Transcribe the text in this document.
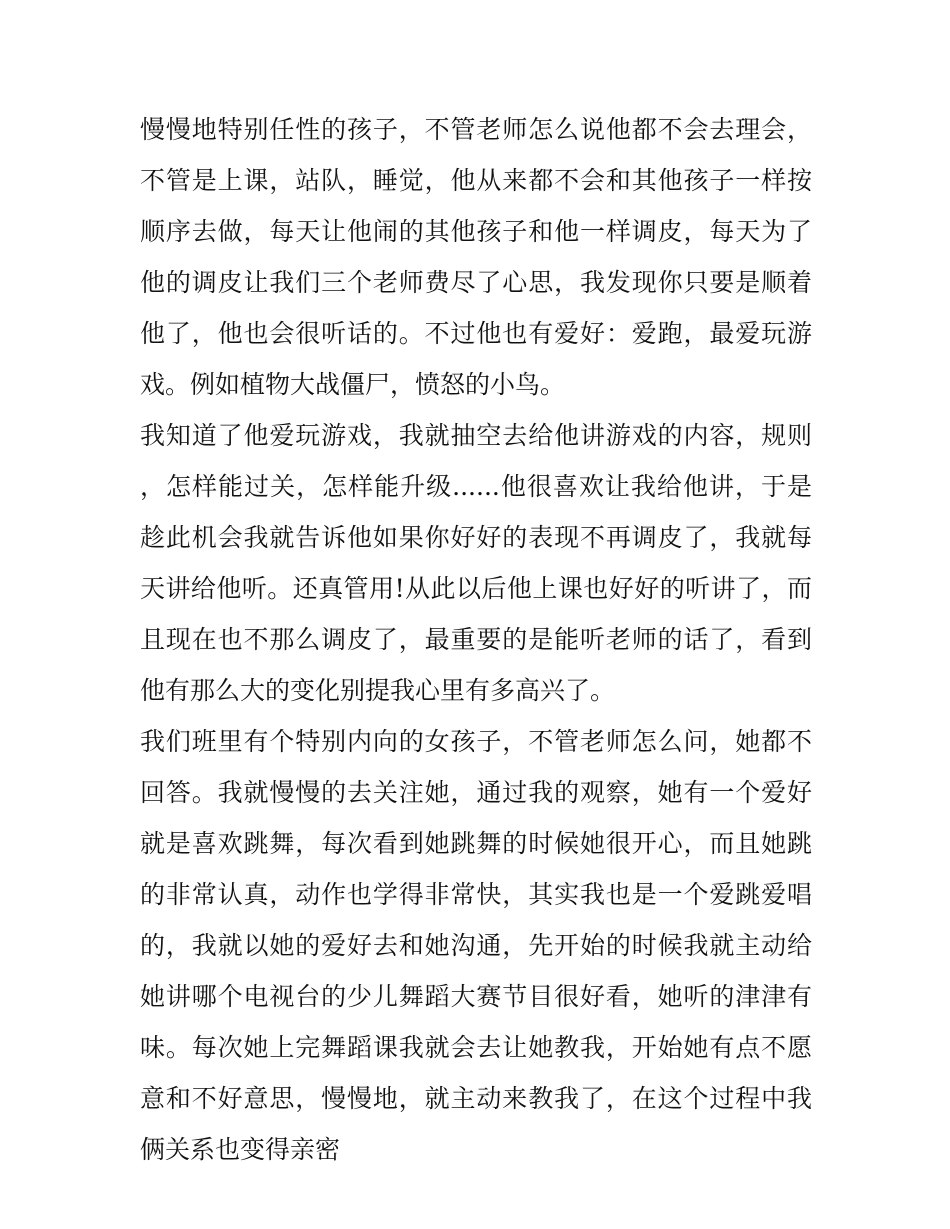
慢慢地特别任性的孩子，不管老师怎么说他都不会去理会，不管是上课，站队，睡觉，他从来都不会和其他孩子一样按顺序去做，每天让他闹的其他孩子和他一样调皮，每天为了他的调皮让我们三个老师费尽了心思，我发现你只要是顺着他了，他也会很听话的。不过他也有爱好：爱跑，最爱玩游戏。例如植物大战僵尸，愤怒的小鸟。

我知道了他爱玩游戏，我就抽空去给他讲游戏的内容，规则，怎样能过关，怎样能升级......他很喜欢让我给他讲，于是趁此机会我就告诉他如果你好好的表现不再调皮了，我就每天讲给他听。还真管用!从此以后他上课也好好的听讲了，而且现在也不那么调皮了，最重要的是能听老师的话了，看到他有那么大的变化别提我心里有多高兴了。

我们班里有个特别内向的女孩子，不管老师怎么问，她都不回答。我就慢慢的去关注她，通过我的观察，她有一个爱好就是喜欢跳舞，每次看到她跳舞的时候她很开心，而且她跳的非常认真，动作也学得非常快，其实我也是一个爱跳爱唱的，我就以她的爱好去和她沟通，先开始的时候我就主动给她讲哪个电视台的少儿舞蹈大赛节目很好看，她听的津津有味。每次她上完舞蹈课我就会去让她教我，开始她有点不愿意和不好意思，慢慢地，就主动来教我了，在这个过程中我俩关系也变得亲密
